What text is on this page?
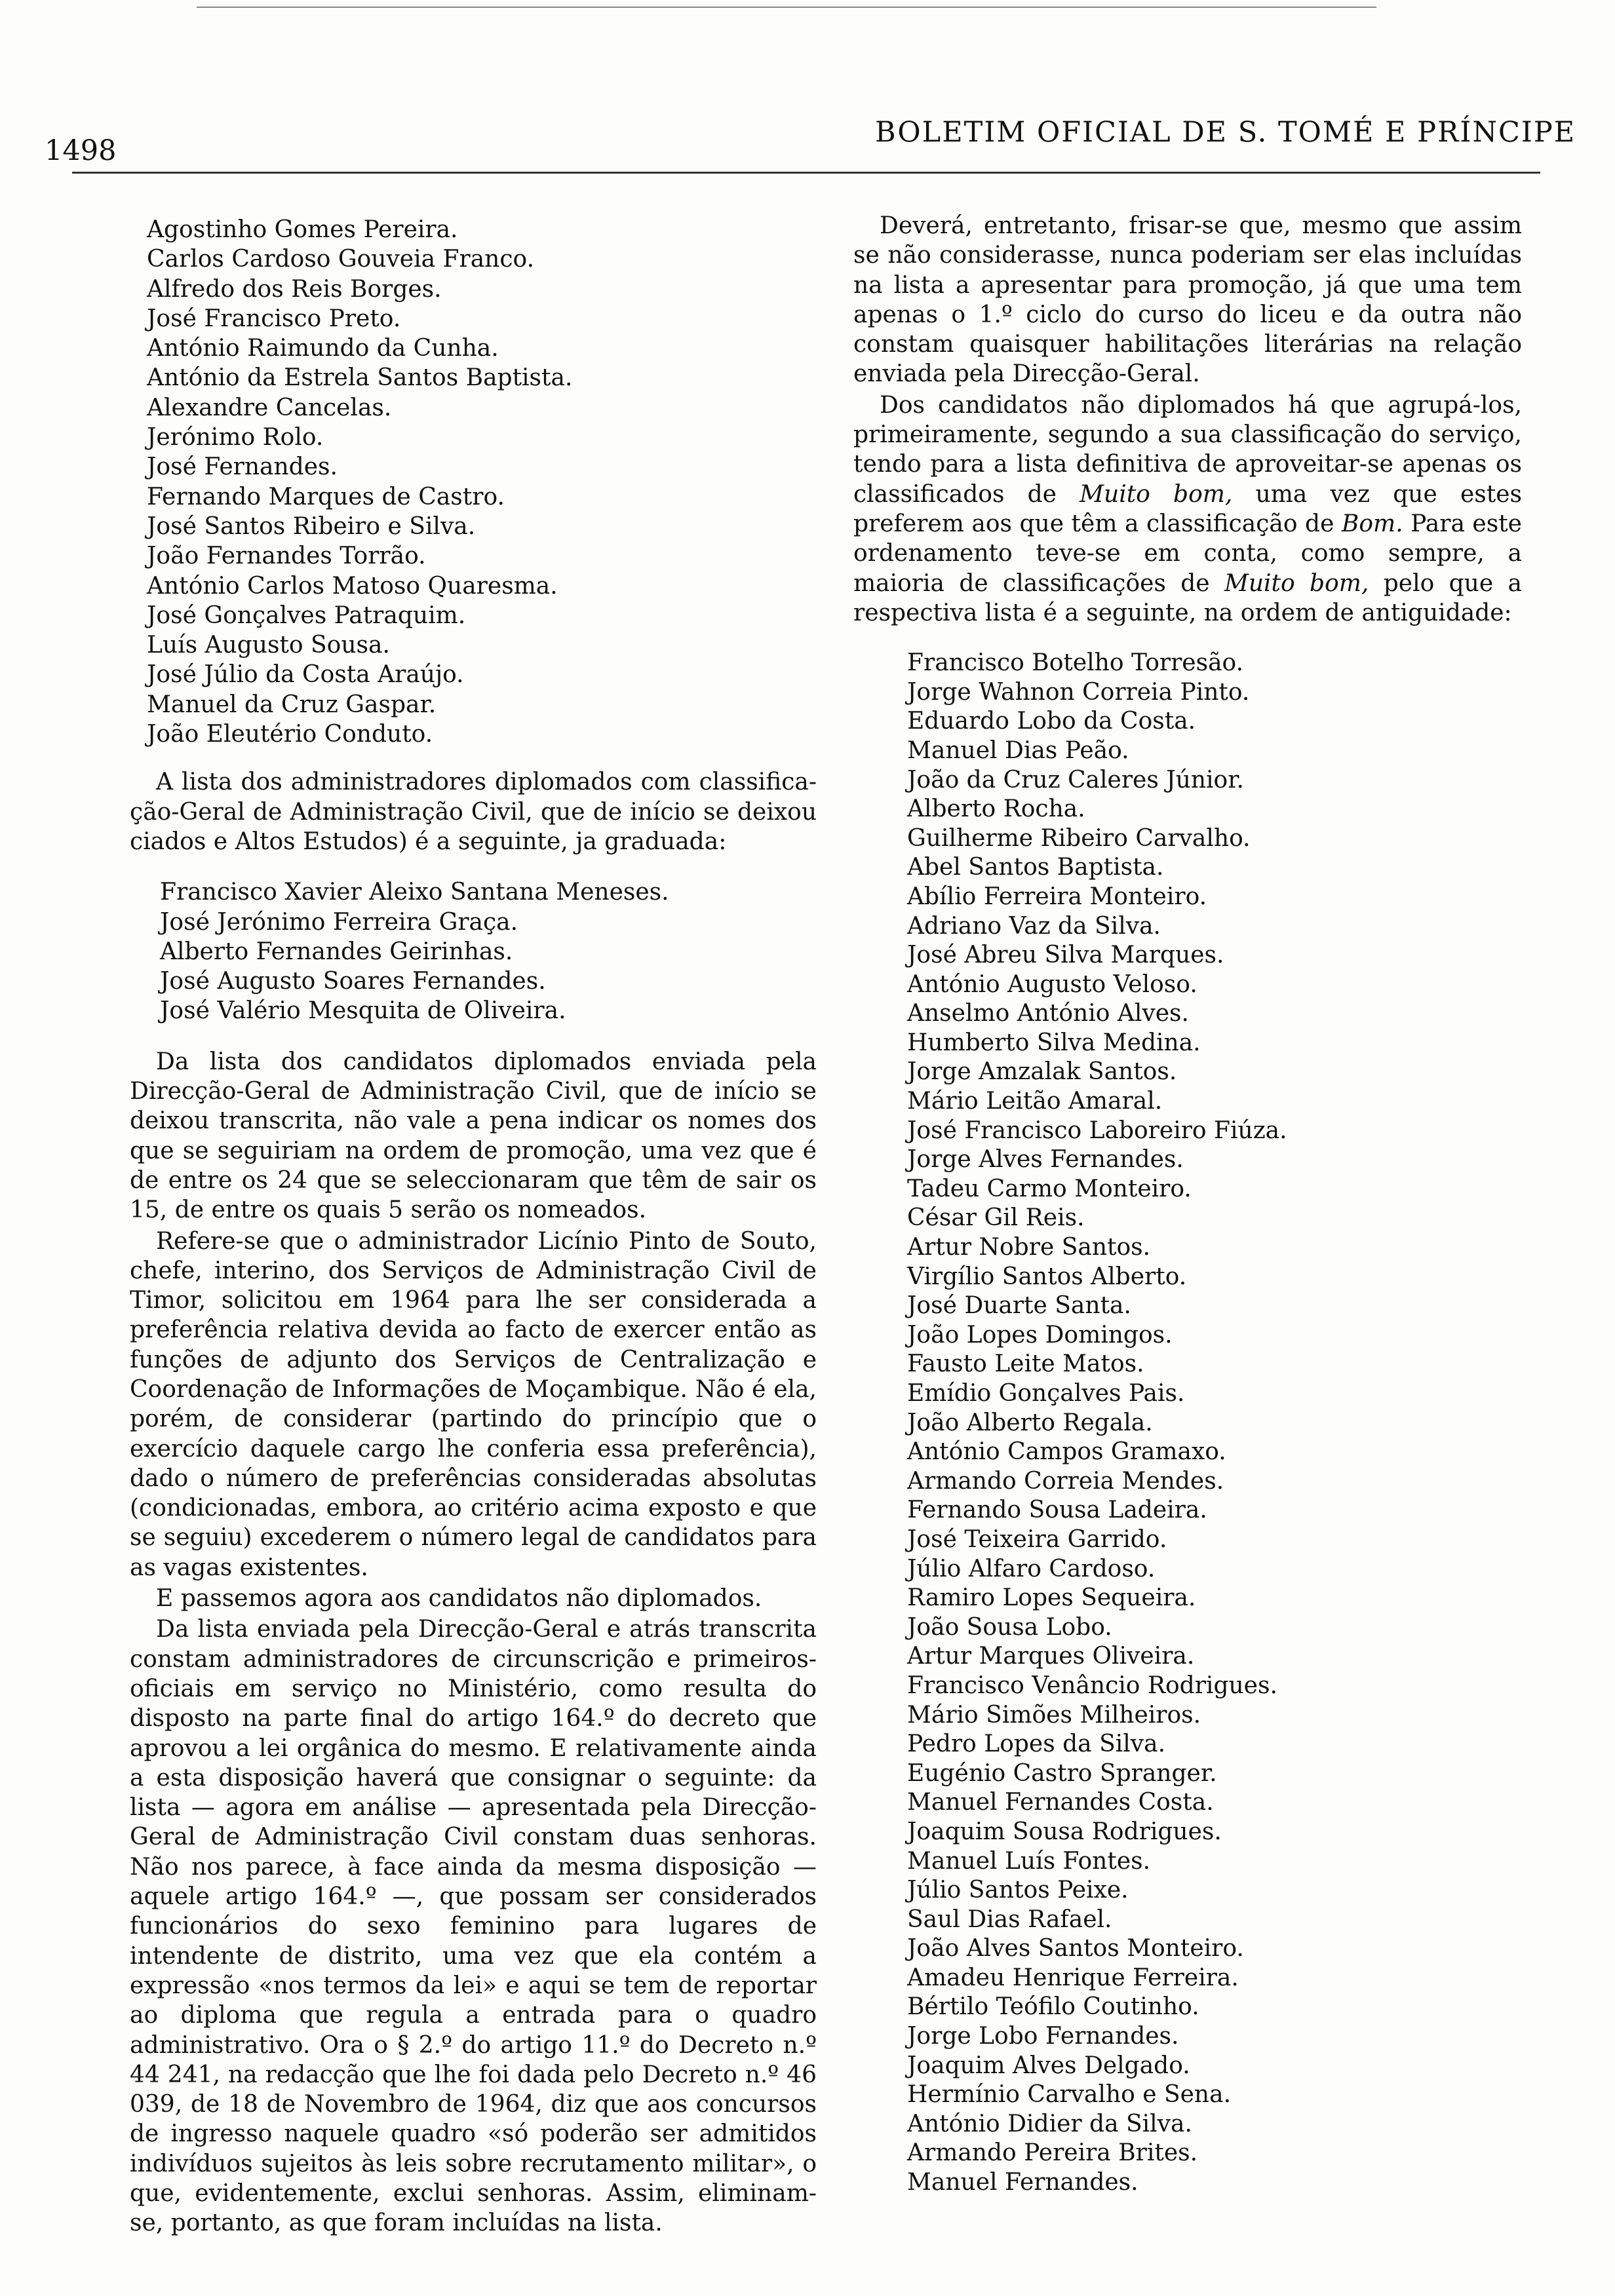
1498
BOLETIM OFICIAL DE S. TOMÉ E PRÍNCIPE
Agostinho Gomes Pereira.
Carlos Cardoso Gouveia Franco.
Alfredo dos Reis Borges.
José Francisco Preto.
António Raimundo da Cunha.
António da Estrela Santos Baptista.
Alexandre Cancelas.
Jerónimo Rolo.
José Fernandes.
Fernando Marques de Castro.
José Santos Ribeiro e Silva.
João Fernandes Torrão.
António Carlos Matoso Quaresma.
José Gonçalves Patraquim.
Luís Augusto Sousa.
José Júlio da Costa Araújo.
Manuel da Cruz Gaspar.
João Eleutério Conduto.

A lista dos administradores diplomados com classifica-ção-Geral de Administração Civil, que de início se deixou ciados e Altos Estudos) é a seguinte, ja graduada:

Francisco Xavier Aleixo Santana Meneses.
José Jerónimo Ferreira Graça.
Alberto Fernandes Geirinhas.
José Augusto Soares Fernandes.
José Valério Mesquita de Oliveira.

Da lista dos candidatos diplomados enviada pela Direcção-Geral de Administração Civil, que de início se deixou transcrita, não vale a pena indicar os nomes dos que se seguiriam na ordem de promoção, uma vez que é de entre os 24 que se seleccionaram que têm de sair os 15, de entre os quais 5 serão os nomeados.

Refere-se que o administrador Licínio Pinto de Souto, chefe, interino, dos Serviços de Administração Civil de Timor, solicitou em 1964 para lhe ser considerada a preferência relativa devida ao facto de exercer então as funções de adjunto dos Serviços de Centralização e Coordenação de Informações de Moçambique. Não é ela, porém, de considerar (partindo do princípio que o exercício daquele cargo lhe conferia essa preferência), dado o número de preferências consideradas absolutas (condicionadas, embora, ao critério acima exposto e que se seguiu) excederem o número legal de candidatos para as vagas existentes.

E passemos agora aos candidatos não diplomados.

Da lista enviada pela Direcção-Geral e atrás transcrita constam administradores de circunscrição e primeiros-oficiais em serviço no Ministério, como resulta do disposto na parte final do artigo 164.º do decreto que aprovou a lei orgânica do mesmo. E relativamente ainda a esta disposição haverá que consignar o seguinte: da lista — agora em análise — apresentada pela Direcção-Geral de Administração Civil constam duas senhoras. Não nos parece, à face ainda da mesma disposição — aquele artigo 164.º —, que possam ser considerados funcionários do sexo feminino para lugares de intendente de distrito, uma vez que ela contém a expressão «nos termos da lei» e aqui se tem de reportar ao diploma que regula a entrada para o quadro administrativo. Ora o § 2.º do artigo 11.º do Decreto n.º 44 241, na redacção que lhe foi dada pelo Decreto n.º 46 039, de 18 de Novembro de 1964, diz que aos concursos de ingresso naquele quadro «só poderão ser admitidos indivíduos sujeitos às leis sobre recrutamento militar», o que, evidentemente, exclui senhoras. Assim, eliminam-se, portanto, as que foram incluídas na lista.

Deverá, entretanto, frisar-se que, mesmo que assim se não considerasse, nunca poderiam ser elas incluídas na lista a apresentar para promoção, já que uma tem apenas o 1.º ciclo do curso do liceu e da outra não constam quaisquer habilitações literárias na relação enviada pela Direcção-Geral.

Dos candidatos não diplomados há que agrupá-los, primeiramente, segundo a sua classificação do serviço, tendo para a lista definitiva de aproveitar-se apenas os classificados de Muito bom, uma vez que estes preferem aos que têm a classificação de Bom. Para este ordenamento teve-se em conta, como sempre, a maioria de classificações de Muito bom, pelo que a respectiva lista é a seguinte, na ordem de antiguidade:

Francisco Botelho Torresão.
Jorge Wahnon Correia Pinto.
Eduardo Lobo da Costa.
Manuel Dias Peão.
João da Cruz Caleres Júnior.
Alberto Rocha.
Guilherme Ribeiro Carvalho.
Abel Santos Baptista.
Abílio Ferreira Monteiro.
Adriano Vaz da Silva.
José Abreu Silva Marques.
António Augusto Veloso.
Anselmo António Alves.
Humberto Silva Medina.
Jorge Amzalak Santos.
Mário Leitão Amaral.
José Francisco Laboreiro Fiúza.
Jorge Alves Fernandes.
Tadeu Carmo Monteiro.
César Gil Reis.
Artur Nobre Santos.
Virgílio Santos Alberto.
José Duarte Santa.
João Lopes Domingos.
Fausto Leite Matos.
Emídio Gonçalves Pais.
João Alberto Regala.
António Campos Gramaxo.
Armando Correia Mendes.
Fernando Sousa Ladeira.
José Teixeira Garrido.
Júlio Alfaro Cardoso.
Ramiro Lopes Sequeira.
João Sousa Lobo.
Artur Marques Oliveira.
Francisco Venâncio Rodrigues.
Mário Simões Milheiros.
Pedro Lopes da Silva.
Eugénio Castro Spranger.
Manuel Fernandes Costa.
Joaquim Sousa Rodrigues.
Manuel Luís Fontes.
Júlio Santos Peixe.
Saul Dias Rafael.
João Alves Santos Monteiro.
Amadeu Henrique Ferreira.
Bértilo Teófilo Coutinho.
Jorge Lobo Fernandes.
Joaquim Alves Delgado.
Hermínio Carvalho e Sena.
António Didier da Silva.
Armando Pereira Brites.
Manuel Fernandes.
